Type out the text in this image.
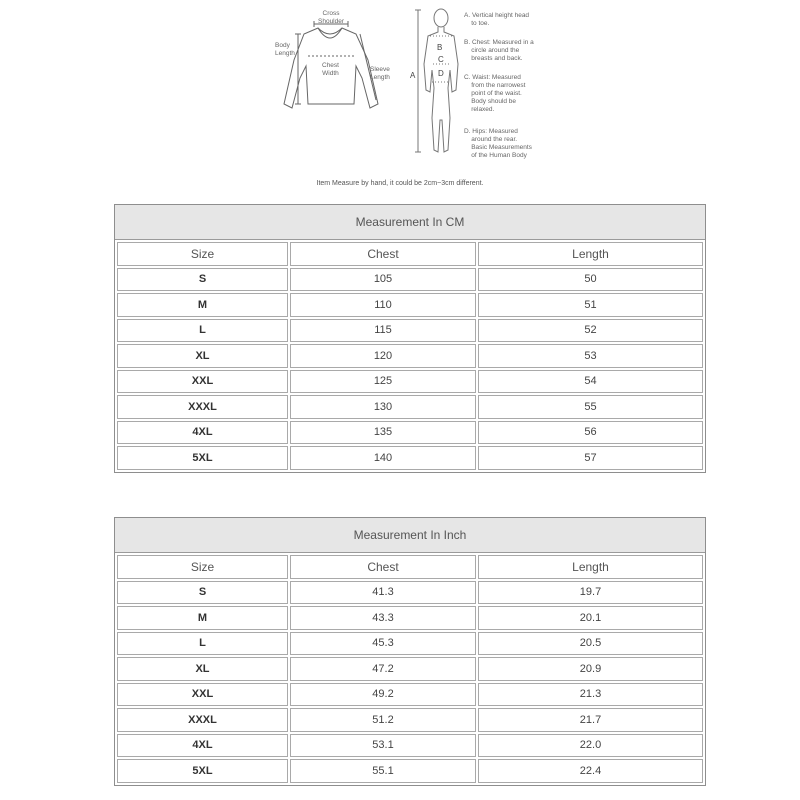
Cross
Shoulder
Body
Length
Chest
Width
Sleeve
Length
B
C
A	D
A. Vertical height head
to toe.
B. Chest: Measured in a
circle around the
breasts and back.
C. Waist: Measured
from the narrowest
point of the waist.
Body should be
relaxed.
D. Hips: Measured
around the rear.
Basic Measurements
of the Human Body
Item Measure by hand, it could be 2cm~3cm different.
Measurement In CM
Size	Chest	Length
S	105	50
M	110	51
L	115	52
XL	120	53
XXL	125	54
XXXL	130	55
4XL	135	56
5XL	140	57
Measurement In Inch
Size	Chest	Length
S	41.3	19.7
M	43.3	20.1
L	45.3	20.5
XL	47.2	20.9
XXL	49.2	21.3
XXXL	51.2	21.7
4XL	53.1	22.0
5XL	55.1	22.4
